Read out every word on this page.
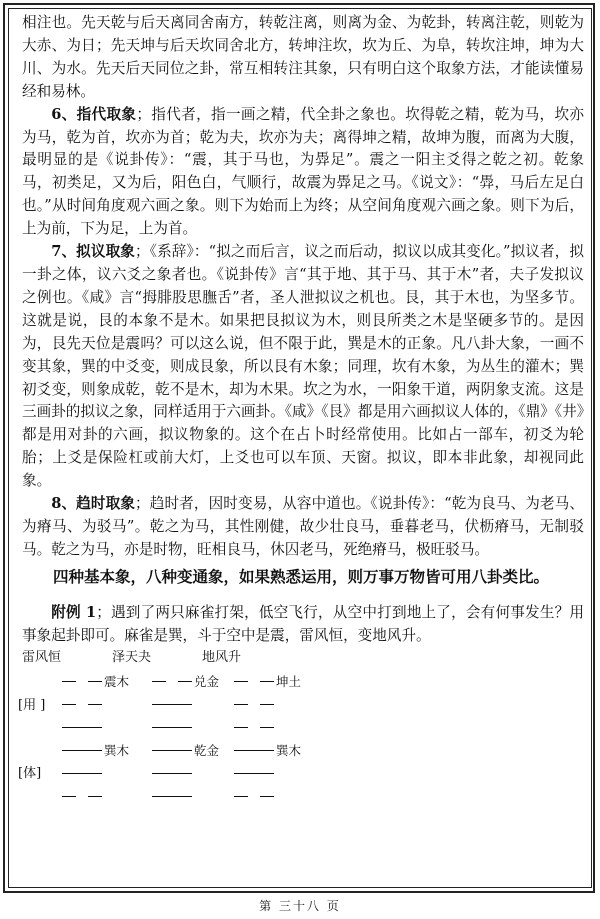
相注也。先天乾与后天离同舍南方，转乾注离，则离为金、为乾卦，转离注乾，则乾为大赤、为日；先天坤与后天坎同舍北方，转坤注坎，坎为丘、为阜，转坎注坤，坤为大川、为水。先天后天同位之卦，常互相转注其象，只有明白这个取象方法，才能读懂易经和易林。

6、指代取象；指代者，指一画之精，代全卦之象也。坎得乾之精，乾为马，坎亦为马，乾为首，坎亦为首；乾为夫，坎亦为夫；离得坤之精，故坤为腹，而离为大腹，最明显的是《说卦传》：“震，其于马也，为馵足”。震之一阳主爻得之乾之初。乾象马，初类足，又为后，阳色白，气顺行，故震为馵足之马。《说文》：“馵，马后左足白也。”从时间角度观六画之象。则下为始而上为终；从空间角度观六画之象。则下为后，上为前，下为足，上为首。

7、拟议取象；《系辞》：“拟之而后言，议之而后动，拟议以成其变化。”拟议者，拟一卦之体，议六爻之象者也。《说卦传》言“其于地、其于马、其于木”者，夫子发拟议之例也。《咸》言“拇腓股思膴舌”者，圣人泄拟议之机也。艮，其于木也，为坚多节。这就是说，艮的本象不是木。如果把艮拟议为木，则艮所类之木是坚硬多节的。是因为，艮先天位是震吗？可以这么说，但不限于此，巽是木的正象。凡八卦大象，一画不变其象，巽的中爻变，则成艮象，所以艮有木象；同理，坎有木象，为丛生的灌木；巽初爻变，则象成乾，乾不是木，却为木果。坎之为水，一阳象干道，两阴象支流。这是三画卦的拟议之象，同样适用于六画卦。《咸》《艮》都是用六画拟议人体的，《鼎》《井》都是用对卦的六画，拟议物象的。这个在占卜时经常使用。比如占一部车，初爻为轮胎；上爻是保险杠或前大灯，上爻也可以车顶、天窗。拟议，即本非此象，却视同此象。

8、趋时取象；趋时者，因时变易，从容中道也。《说卦传》：“乾为良马、为老马、为瘠马、为驳马”。乾之为马，其性刚健，故少壮良马，垂暮老马，伏枥瘠马，无制驳马。乾之为马，亦是时物，旺相良马，休囚老马，死绝瘠马，极旺驳马。

四种基本象，八种变通象，如果熟悉运用，则万事万物皆可用八卦类比。

附例 1；遇到了两只麻雀打架，低空飞行，从空中打到地上了，会有何事发生？用事象起卦即可。麻雀是巽，斗于空中是震，雷风恒，变地风升。

雷风恒	泽天夬	地风升
[用 ]
[体]
震木
巽木
兑金
乾金
坤土
巽木
第 三十八 页
